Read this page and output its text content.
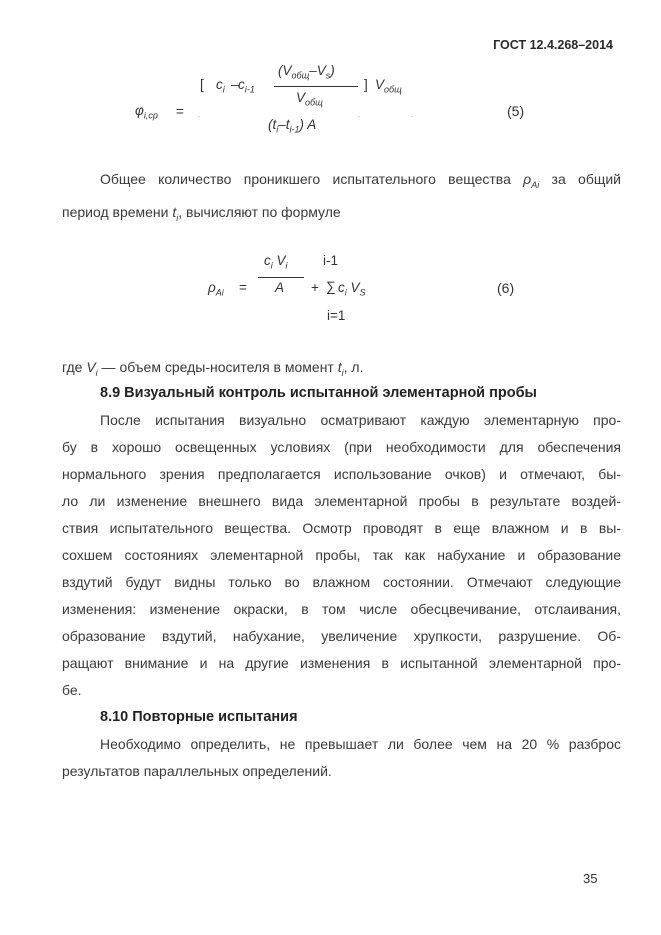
ГОСТ 12.4.268–2014
$\varphi_{i,ср}$ =
[ $c_i - c_{i-1}$
$(V_{общ}-V_s)$
$V_{общ}$
] $V_{общ}$
.	.	.
$(t_i-t_{i-1})$ A
(5)

Общее количество проникшего испытательного вещества $\rho_{Ai}$ за общий

период времени $t_i$, вычисляют по формуле

$c_i$ $V_i$	i-1
$\rho_{Ai} = A$ + ∑ $c_i$ $V_S$
i=1
(6)

где $V_i$ — объем среды-носителя в момент $t_i$, л.

8.9 Визуальный контроль испытанной элементарной пробы

После испытания визуально осматривают каждую элементарную про-

бу в хорошо освещенных условиях (при необходимости для обеспечения

нормального зрения предполагается использование очков) и отмечают, бы-

ло ли изменение внешнего вида элементарной пробы в результате воздей-

ствия испытательного вещества. Осмотр проводят в еще влажном и в вы-

сохшем состояниях элементарной пробы, так как набухание и образование

вздутий будут видны только во влажном состоянии. Отмечают следующие

изменения: изменение окраски, в том числе обесцвечивание, отслаивания,

образование вздутий, набухание, увеличение хрупкости, разрушение. Об-

ращают внимание и на другие изменения в испытанной элементарной про-

бе.

8.10 Повторные испытания

Необходимо определить, не превышает ли более чем на 20 % разброс

результатов параллельных определений.

35
